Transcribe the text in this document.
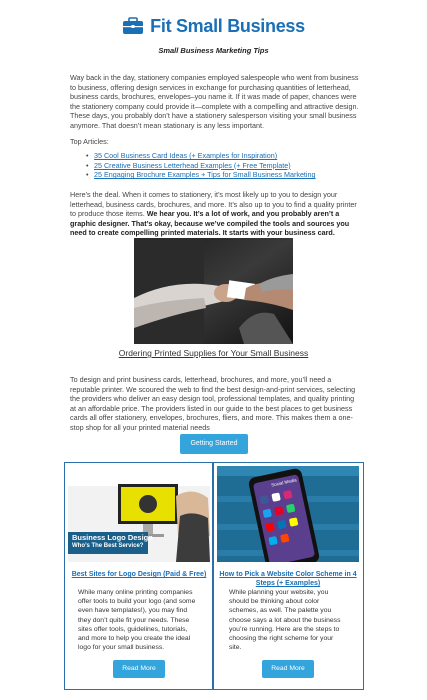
Fit Small Business
Small Business Marketing Tips

Way back in the day, stationery companies employed salespeople who went from business to business, offering design services in exchange for purchasing quantities of letterhead, business cards, brochures, envelopes–you name it. If it was made of paper, chances were the stationery company could provide it—complete with a compelling and attractive design. These days, you probably don’t have a stationery salesperson visiting your small business anymore. That doesn’t mean stationary is any less important.

Top Articles:
• 35 Cool Business Card Ideas (+ Examples for Inspiration)
• 25 Creative Business Letterhead Examples (+ Free Template)
• 25 Engaging Brochure Examples + Tips for Small Business Marketing

Here’s the deal. When it comes to stationery, it’s most likely up to you to design your letterhead, business cards, brochures, and more. It’s also up to you to find a quality printer to produce those items. We hear you. It’s a lot of work, and you probably aren’t a graphic designer. That’s okay, because we’ve compiled the tools and sources you need to create compelling printed materials. It starts with your business card.

Ordering Printed Supplies for Your Small Business

To design and print business cards, letterhead, brochures, and more, you’ll need a reputable printer. We scoured the web to find the best design-and-print services, selecting the providers who deliver an easy design tool, professional templates, and quality printing at an affordable price. The providers listed in our guide to the best places to get business cards all offer stationery, envelopes, brochures, fliers, and more. This makes them a one-stop shop for all your printed material needs

Getting Started
Business Logo Design
Who’s The Best Service?
Best Sites for Logo Design (Paid & Free)

While many online printing companies offer tools to build your logo (and some even have templates!), you may find they don’t quite fit your needs. These sites offer tools, guidelines, tutorials, and more to help you create the ideal logo for your small business.

Read More
Social Media
How to Pick a Website Color Scheme in 4 Steps (+ Examples)

While planning your website, you should be thinking about color schemes, as well. The palette you choose says a lot about the business you’re running. Here are the steps to choosing the right scheme for your site.

Read More
